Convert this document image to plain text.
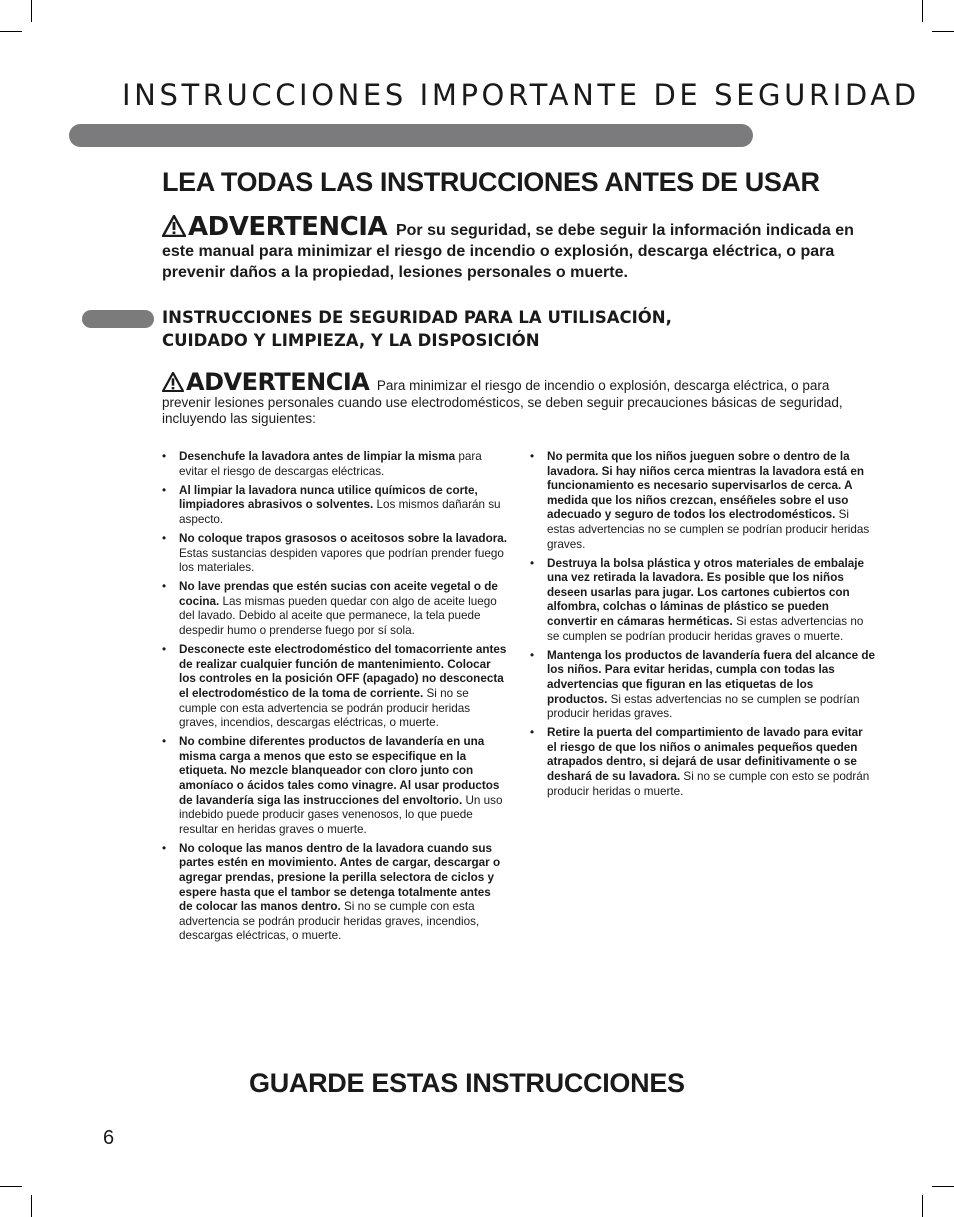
INSTRUCCIONES IMPORTANTE DE SEGURIDAD
LEA TODAS LAS INSTRUCCIONES ANTES DE USAR
ADVERTENCIA Por su seguridad, se debe seguir la información indicada en este manual para minimizar el riesgo de incendio o explosión, descarga eléctrica, o para prevenir daños a la propiedad, lesiones personales o muerte.
INSTRUCCIONES DE SEGURIDAD PARA LA UTILISACIÓN,
CUIDADO Y LIMPIEZA, Y LA DISPOSICIÓN
ADVERTENCIA Para minimizar el riesgo de incendio o explosión, descarga eléctrica, o para prevenir lesiones personales cuando use electrodomésticos, se deben seguir precauciones básicas de seguridad, incluyendo las siguientes:
• Desenchufe la lavadora antes de limpiar la misma para evitar el riesgo de descargas eléctricas.
• Al limpiar la lavadora nunca utilice químicos de corte, limpiadores abrasivos o solventes. Los mismos dañarán su aspecto.
• No coloque trapos grasosos o aceitosos sobre la lavadora. Estas sustancias despiden vapores que podrían prender fuego los materiales.
• No lave prendas que estén sucias con aceite vegetal o de cocina. Las mismas pueden quedar con algo de aceite luego del lavado. Debido al aceite que permanece, la tela puede despedir humo o prenderse fuego por sí sola.
• Desconecte este electrodoméstico del tomacorriente antes de realizar cualquier función de mantenimiento. Colocar los controles en la posición OFF (apagado) no desconecta el electrodoméstico de la toma de corriente. Si no se cumple con esta advertencia se podrán producir heridas graves, incendios, descargas eléctricas, o muerte.
• No combine diferentes productos de lavandería en una misma carga a menos que esto se especifique en la etiqueta. No mezcle blanqueador con cloro junto con amoníaco o ácidos tales como vinagre. Al usar productos de lavandería siga las instrucciones del envoltorio. Un uso indebido puede producir gases venenosos, lo que puede resultar en heridas graves o muerte.
• No coloque las manos dentro de la lavadora cuando sus partes estén en movimiento. Antes de cargar, descargar o agregar prendas, presione la perilla selectora de ciclos y espere hasta que el tambor se detenga totalmente antes de colocar las manos dentro. Si no se cumple con esta advertencia se podrán producir heridas graves, incendios, descargas eléctricas, o muerte.
• No permita que los niños jueguen sobre o dentro de la lavadora. Si hay niños cerca mientras la lavadora está en funcionamiento es necesario supervisarlos de cerca. A medida que los niños crezcan, enséñeles sobre el uso adecuado y seguro de todos los electrodomésticos. Si estas advertencias no se cumplen se podrían producir heridas graves.
• Destruya la bolsa plástica y otros materiales de embalaje una vez retirada la lavadora. Es posible que los niños deseen usarlas para jugar. Los cartones cubiertos con alfombra, colchas o láminas de plástico se pueden convertir en cámaras herméticas. Si estas advertencias no se cumplen se podrían producir heridas graves o muerte.
• Mantenga los productos de lavandería fuera del alcance de los niños. Para evitar heridas, cumpla con todas las advertencias que figuran en las etiquetas de los productos. Si estas advertencias no se cumplen se podrían producir heridas graves.
• Retire la puerta del compartimiento de lavado para evitar el riesgo de que los niños o animales pequeños queden atrapados dentro, si dejará de usar definitivamente o se deshará de su lavadora. Si no se cumple con esto se podrán producir heridas o muerte.
GUARDE ESTAS INSTRUCCIONES
6
